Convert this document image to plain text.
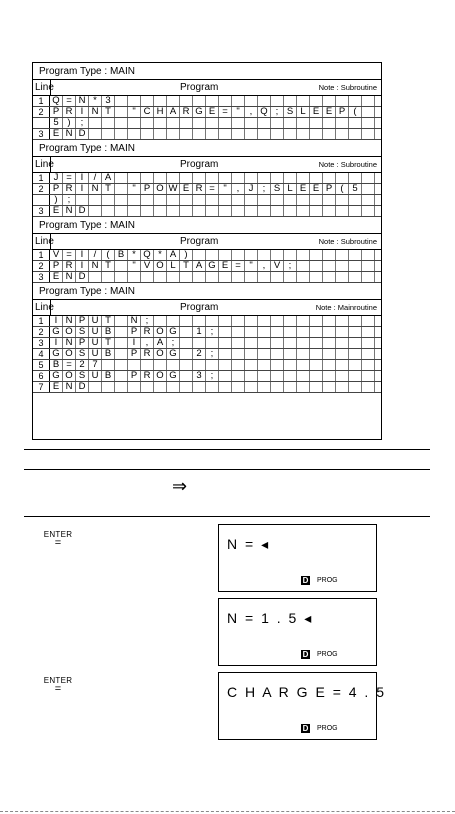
Program Type : MAIN
Line	Program	Note : Subroutine
1 Q = N * 3
2 P R I N T	" C H A R G E = "	, Q ; S L E E P (
5 )	;
3 E N D
Program Type : MAIN
Line	Program	Note : Subroutine
1	J = I	/ A
2 P R I N T	" P O W E R = "	, J ; S L E E P ( 5
)	;
3 E N D
Program Type : MAIN
Line	Program	Note : Subroutine
1 V = I	/	( B * Q * A )
2 P R I N T	" V O L T A G E = "	, V ;
3 E N D
Program Type : MAIN
Line	Program	Note : Mainroutine
1	I N P U T	N ;
2 G O S U B	P R O G	1 ;
3	I N P U T	I	, A ;
4 G O S U B	P R O G	2 ;
5 B = 2 7
6 G O S U B	P R O G	3 ;
7 E N D
⇒
ENTER
=
ENTER
=
N = ◂
D PROG
N = 1 . 5 ◂
D PROG
C H A R G E = 4 . 5
D PROG
